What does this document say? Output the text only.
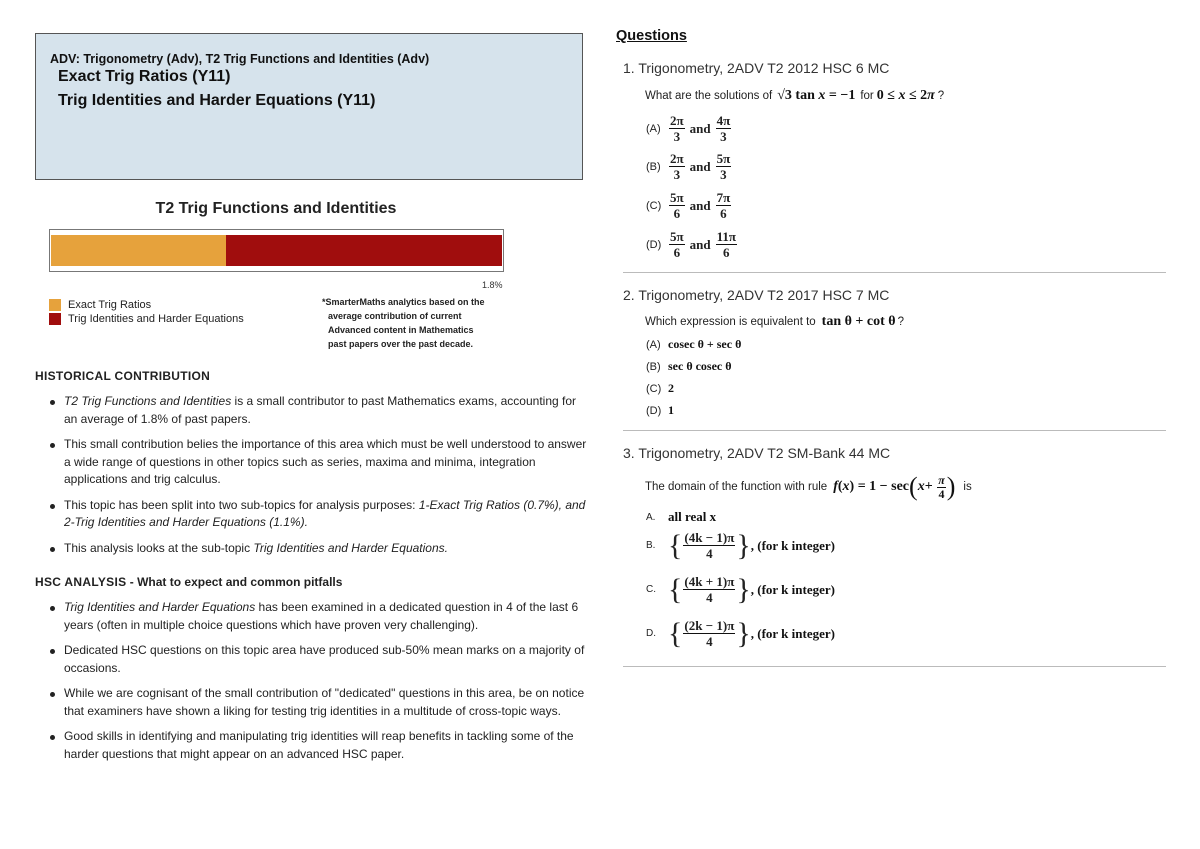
ADV: Trigonometry (Adv), T2 Trig Functions and Identities (Adv)
Exact Trig Ratios (Y11)
Trig Identities and Harder Equations (Y11)
T2 Trig Functions and Identities
1.8%
Exact Trig Ratios
Trig Identities and Harder Equations
*SmarterMaths analytics based on the
average contribution of current
Advanced content in Mathematics
past papers over the past decade.
HISTORICAL CONTRIBUTION
T2 Trig Functions and Identities is a small contributor to past Mathematics exams, accounting for an average of 1.8% of past papers.
This small contribution belies the importance of this area which must be well understood to answer a wide range of questions in other topics such as series, maxima and minima, integration applications and trig calculus.
This topic has been split into two sub-topics for analysis purposes: 1-Exact Trig Ratios (0.7%), and 2-Trig Identities and Harder Equations (1.1%).
This analysis looks at the sub-topic Trig Identities and Harder Equations.
HSC ANALYSIS - What to expect and common pitfalls
Trig Identities and Harder Equations has been examined in a dedicated question in 4 of the last 6 years (often in multiple choice questions which have proven very challenging).
Dedicated HSC questions on this topic area have produced sub-50% mean marks on a majority of occasions.
While we are cognisant of the small contribution of "dedicated" questions in this area, be on notice that examiners have shown a liking for testing trig identities in a multitude of cross-topic ways.
Good skills in identifying and manipulating trig identities will reap benefits in tackling some of the harder questions that might appear on an advanced HSC paper.
Questions
1. Trigonometry, 2ADV T2 2012 HSC 6 MC
What are the solutions of √3 tan x = −1 for 0 ≤ x ≤ 2π ?
$(A) \frac{2\pi}{3}$ and $\frac{4\pi}{3}$
$(B) \frac{2\pi}{3}$ and $\frac{5\pi}{3}$
$(C) \frac{5\pi}{6}$ and $\frac{7\pi}{6}$
$(D) \frac{5\pi}{6}$ and $\frac{11\pi}{6}$
2. Trigonometry, 2ADV T2 2017 HSC 7 MC
Which expression is equivalent to tan θ + cot θ ?
(A) cosec θ + sec θ
(B) sec θ cosec θ
(C) 2
(D) 1
3. Trigonometry, 2ADV T2 SM-Bank 44 MC
The domain of the function with rule f ( x ) = 1 − sec ( $x + \frac{\pi}{4}$ ) is
A. all real x
B. { $\frac{(4k - 1)\pi}{4}$ } , (for k integer)
C. { $\frac{(4k + 1)\pi}{4}$ } , (for k integer)
D. { $\frac{(2k - 1)\pi}{4}$ } , (for k integer)
